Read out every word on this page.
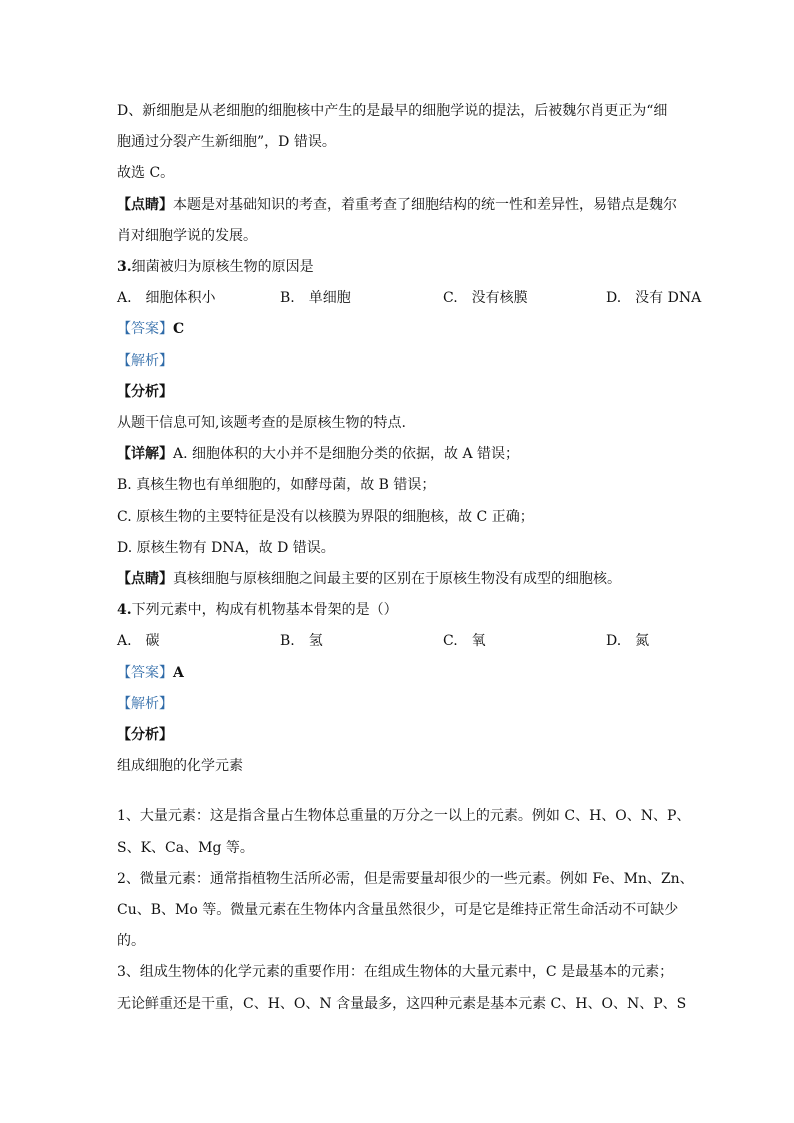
D、新细胞是从老细胞的细胞核中产生的是最早的细胞学说的提法，后被魏尔肖更正为“细
胞通过分裂产生新细胞”，D 错误。
故选 C。
【点睛】本题是对基础知识的考查，着重考查了细胞结构的统一性和差异性，易错点是魏尔
肖对细胞学说的发展。
3.细菌被归为原核生物的原因是
A.　细胞体积小	B.　单细胞	C.　没有核膜	D.　没有 DNA
【答案】C
【解析】
【分析】
从题干信息可知,该题考查的是原核生物的特点.
【详解】A. 细胞体积的大小并不是细胞分类的依据，故 A 错误；
B. 真核生物也有单细胞的，如酵母菌，故 B 错误；
C. 原核生物的主要特征是没有以核膜为界限的细胞核，故 C 正确；
D. 原核生物有 DNA，故 D 错误。
【点睛】真核细胞与原核细胞之间最主要的区别在于原核生物没有成型的细胞核。
4.下列元素中，构成有机物基本骨架的是（）
A.　碳	B.　氢	C.　氧	D.　氮
【答案】A
【解析】
【分析】
组成细胞的化学元素
1、大量元素：这是指含量占生物体总重量的万分之一以上的元素。例如 C、H、O、N、P、
S、K、Ca、Mg 等。
2、微量元素：通常指植物生活所必需，但是需要量却很少的一些元素。例如 Fe、Mn、Zn、
Cu、B、Mo 等。微量元素在生物体内含量虽然很少，可是它是维持正常生命活动不可缺少
的。
3、组成生物体的化学元素的重要作用：在组成生物体的大量元素中，C 是最基本的元素；
无论鲜重还是干重，C、H、O、N 含量最多，这四种元素是基本元素 C、H、O、N、P、S
